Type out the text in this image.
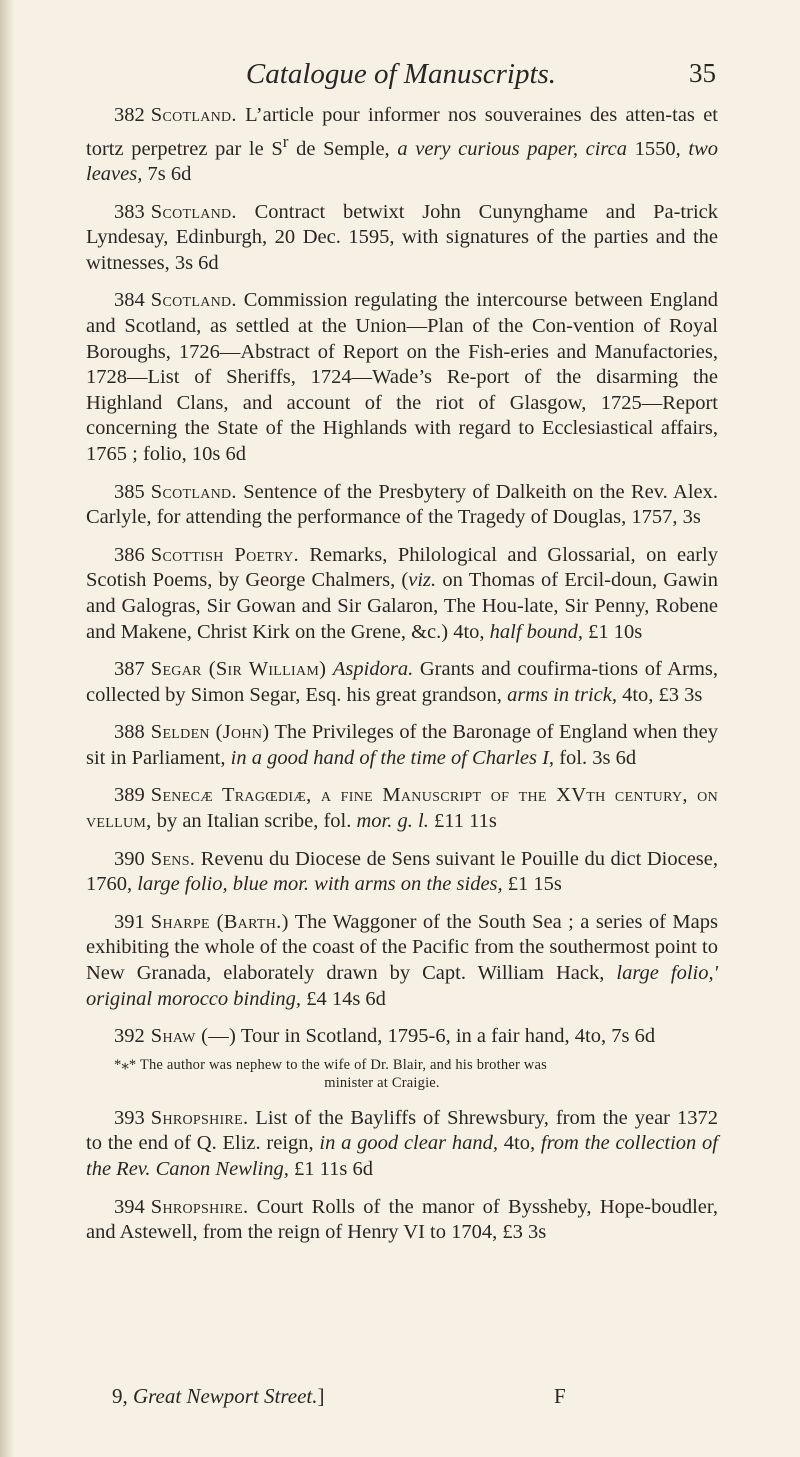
Catalogue of Manuscripts.	35

382 Scotland. L’article pour informer nos souveraines des atten-tas et tortz perpetrez par le $S^r$ de Semple, a very curious paper, circa 1550, two leaves, 7s 6d

383 Scotland. Contract betwixt John Cunynghame and Pa-trick Lyndesay, Edinburgh, 20 Dec. 1595, with signatures of the parties and the witnesses, 3s 6d

384 Scotland. Commission regulating the intercourse between England and Scotland, as settled at the Union—Plan of the Con-vention of Royal Boroughs, 1726—Abstract of Report on the Fish-eries and Manufactories, 1728—List of Sheriffs, 1724—Wade’s Re-port of the disarming the Highland Clans, and account of the riot of Glasgow, 1725—Report concerning the State of the Highlands with regard to Ecclesiastical affairs, 1765 ; folio, 10s 6d

385 Scotland. Sentence of the Presbytery of Dalkeith on the Rev. Alex. Carlyle, for attending the performance of the Tragedy of Douglas, 1757, 3s

386 Scottish Poetry. Remarks, Philological and Glossarial, on early Scotish Poems, by George Chalmers, (viz. on Thomas of Ercil-doun, Gawin and Galogras, Sir Gowan and Sir Galaron, The Hou-late, Sir Penny, Robene and Makene, Christ Kirk on the Grene, &c.) 4to, half bound, £1 10s

387 Segar (Sir William) Aspidora. Grants and coufirma-tions of Arms, collected by Simon Segar, Esq. his great grandson, arms in trick, 4to, £3 3s

388 Selden (John) The Privileges of the Baronage of England when they sit in Parliament, in a good hand of the time of Charles I, fol. 3s 6d

389 Senecæ Tragœdiæ, a fine Manuscript of the XVth century, on vellum, by an Italian scribe, fol. mor. g. l. £11 11s

390 Sens. Revenu du Diocese de Sens suivant le Pouille du dict Diocese, 1760, large folio, blue mor. with arms on the sides, £1 15s

391 Sharpe (Barth.) The Waggoner of the South Sea ; a series of Maps exhibiting the whole of the coast of the Pacific from the southermost point to New Granada, elaborately drawn by Capt. William Hack, large folio,' original morocco binding, £4 14s 6d

392 Shaw (—) Tour in Scotland, 1795-6, in a fair hand, 4to, 7s 6d

*⁎* The author was nephew to the wife of Dr. Blair, and his brother was
minister at Craigie.

393 Shropshire. List of the Bayliffs of Shrewsbury, from the year 1372 to the end of Q. Eliz. reign, in a good clear hand, 4to, from the collection of the Rev. Canon Newling, £1 11s 6d

394 Shropshire. Court Rolls of the manor of Byssheby, Hope-boudler, and Astewell, from the reign of Henry VI to 1704, £3 3s

9, Great Newport Street.]	F
